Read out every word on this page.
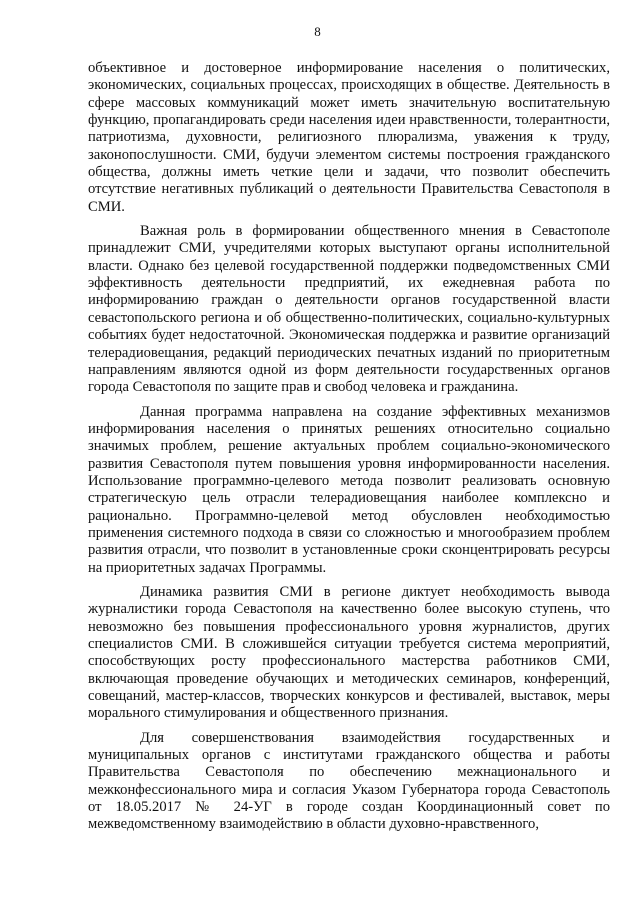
8

объективное и достоверное информирование населения о политических, экономических, социальных процессах, происходящих в обществе. Деятельность в сфере массовых коммуникаций может иметь значительную воспитательную функцию, пропагандировать среди населения идеи нравственности, толерантности, патриотизма, духовности, религиозного плюрализма, уважения к труду, законопослушности. СМИ, будучи элементом системы построения гражданского общества, должны иметь четкие цели и задачи, что позволит обеспечить отсутствие негативных публикаций о деятельности Правительства Севастополя в СМИ.

Важная роль в формировании общественного мнения в Севастополе принадлежит СМИ, учредителями которых выступают органы исполнительной власти. Однако без целевой государственной поддержки подведомственных СМИ эффективность деятельности предприятий, их ежедневная работа по информированию граждан о деятельности органов государственной власти севастопольского региона и об общественно-политических, социально-культурных событиях будет недостаточной. Экономическая поддержка и развитие организаций телерадиовещания, редакций периодических печатных изданий по приоритетным направлениям являются одной из форм деятельности государственных органов города Севастополя по защите прав и свобод человека и гражданина.

Данная программа направлена на создание эффективных механизмов информирования населения о принятых решениях относительно социально значимых проблем, решение актуальных проблем социально-экономического развития Севастополя путем повышения уровня информированности населения. Использование программно-целевого метода позволит реализовать основную стратегическую цель отрасли телерадиовещания наиболее комплексно и рационально. Программно-целевой метод обусловлен необходимостью применения системного подхода в связи со сложностью и многообразием проблем развития отрасли, что позволит в установленные сроки сконцентрировать ресурсы на приоритетных задачах Программы.

Динамика развития СМИ в регионе диктует необходимость вывода журналистики города Севастополя на качественно более высокую ступень, что невозможно без повышения профессионального уровня журналистов, других специалистов СМИ. В сложившейся ситуации требуется система мероприятий, способствующих росту профессионального мастерства работников СМИ, включающая проведение обучающих и методических семинаров, конференций, совещаний, мастер-классов, творческих конкурсов и фестивалей, выставок, меры морального стимулирования и общественного признания.

Для совершенствования взаимодействия государственных и муниципальных органов с институтами гражданского общества и работы Правительства Севастополя по обеспечению межнационального и межконфессионального мира и согласия Указом Губернатора города Севастополь от 18.05.2017 № 24-УГ в городе создан Координационный совет по межведомственному взаимодействию в области духовно-нравственного,
